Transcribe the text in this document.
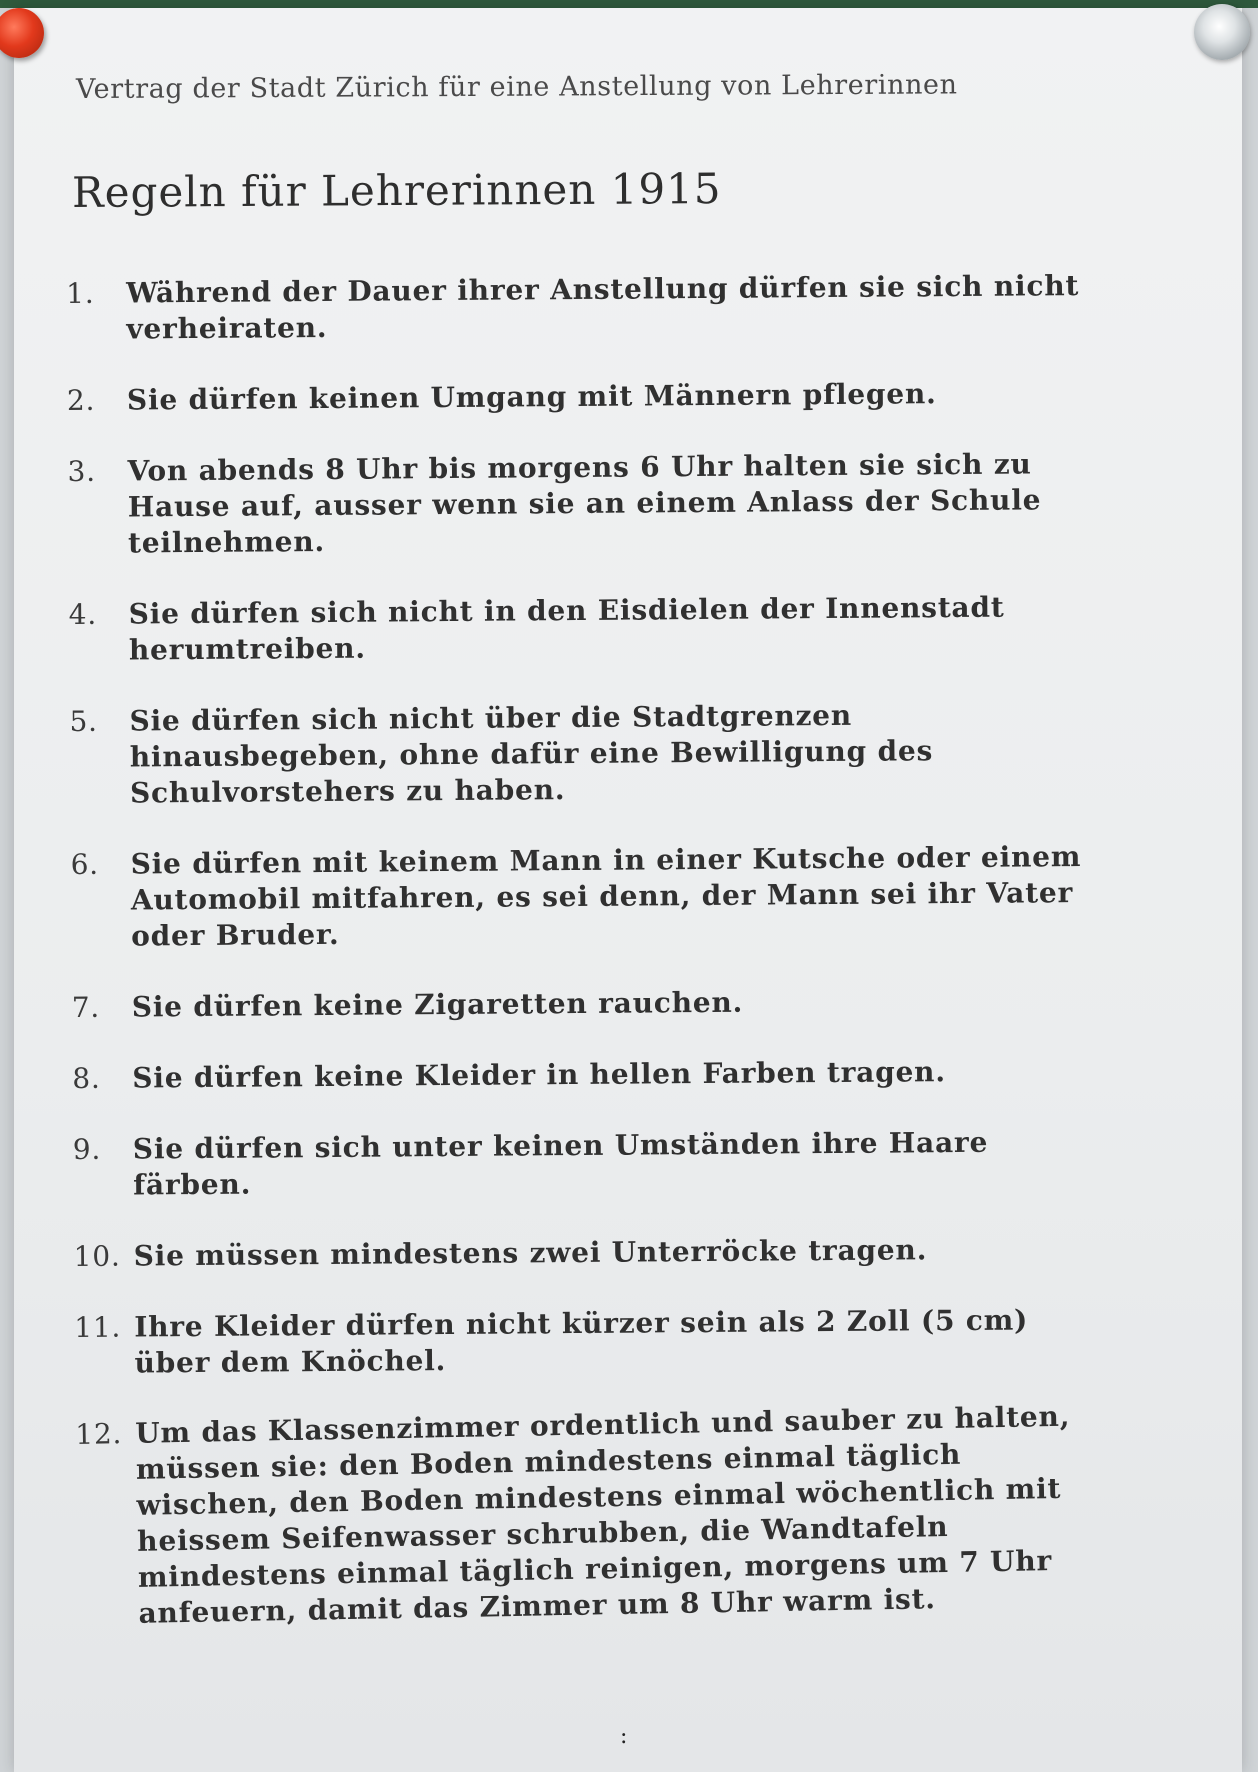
Vertrag der Stadt Zürich für eine Anstellung von Lehrerinnen
Regeln für Lehrerinnen 1915
1.	Während der Dauer ihrer Anstellung dürfen sie sich nicht verheiraten.
2.	Sie dürfen keinen Umgang mit Männern pflegen.
3.	Von abends 8 Uhr bis morgens 6 Uhr halten sie sich zu Hause auf, ausser wenn sie an einem Anlass der Schule teilnehmen.
4.	Sie dürfen sich nicht in den Eisdielen der Innenstadt herumtreiben.
5.	Sie dürfen sich nicht über die Stadtgrenzen hinausbegeben, ohne dafür eine Bewilligung des Schulvorstehers zu haben.
6.	Sie dürfen mit keinem Mann in einer Kutsche oder einem Automobil mitfahren, es sei denn, der Mann sei ihr Vater oder Bruder.
7.	Sie dürfen keine Zigaretten rauchen.
8.	Sie dürfen keine Kleider in hellen Farben tragen.
9.	Sie dürfen sich unter keinen Umständen ihre Haare färben.
10. Sie müssen mindestens zwei Unterröcke tragen.
11. Ihre Kleider dürfen nicht kürzer sein als 2 Zoll (5 cm) über dem Knöchel.
12. Um das Klassenzimmer ordentlich und sauber zu halten, müssen sie: den Boden mindestens einmal täglich wischen, den Boden mindestens einmal wöchentlich mit heissem Seifenwasser schrubben, die Wandtafeln mindestens einmal täglich reinigen, morgens um 7 Uhr anfeuern, damit das Zimmer um 8 Uhr warm ist.
:
